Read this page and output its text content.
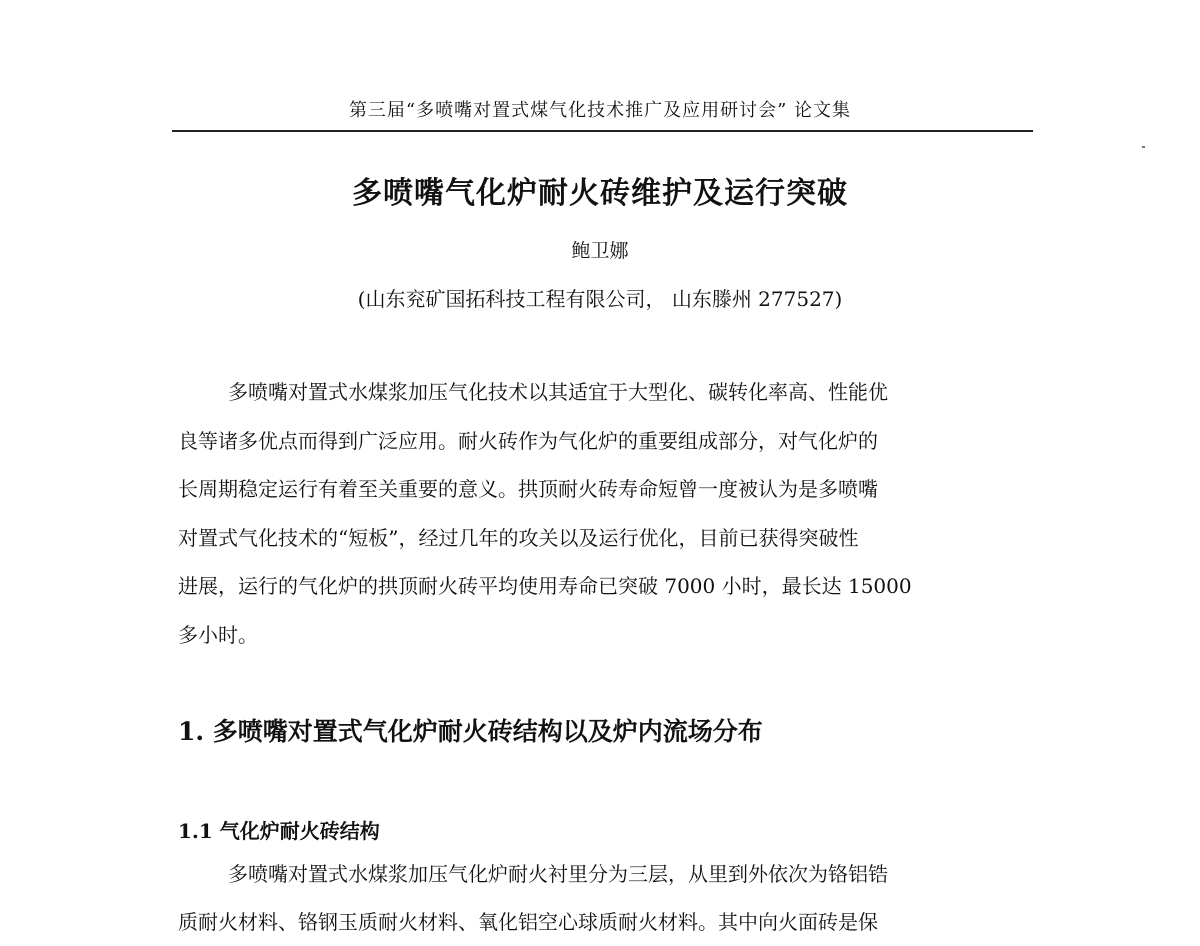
第三届“多喷嘴对置式煤气化技术推广及应用研讨会” 论文集
多喷嘴气化炉耐火砖维护及运行突破
鲍卫娜
(山东兖矿国拓科技工程有限公司， 山东滕州 277527)

多喷嘴对置式水煤浆加压气化技术以其适宜于大型化、碳转化率高、性能优
良等诸多优点而得到广泛应用。耐火砖作为气化炉的重要组成部分，对气化炉的
长周期稳定运行有着至关重要的意义。拱顶耐火砖寿命短曾一度被认为是多喷嘴
对置式气化技术的“短板”，经过几年的攻关以及运行优化，目前已获得突破性
进展，运行的气化炉的拱顶耐火砖平均使用寿命已突破 7000 小时，最长达 15000
多小时。

1. 多喷嘴对置式气化炉耐火砖结构以及炉内流场分布
1.1 气化炉耐火砖结构

多喷嘴对置式水煤浆加压气化炉耐火衬里分为三层，从里到外依次为铬铝锆
质耐火材料、铬钢玉质耐火材料、氧化铝空心球质耐火材料。其中向火面砖是保
